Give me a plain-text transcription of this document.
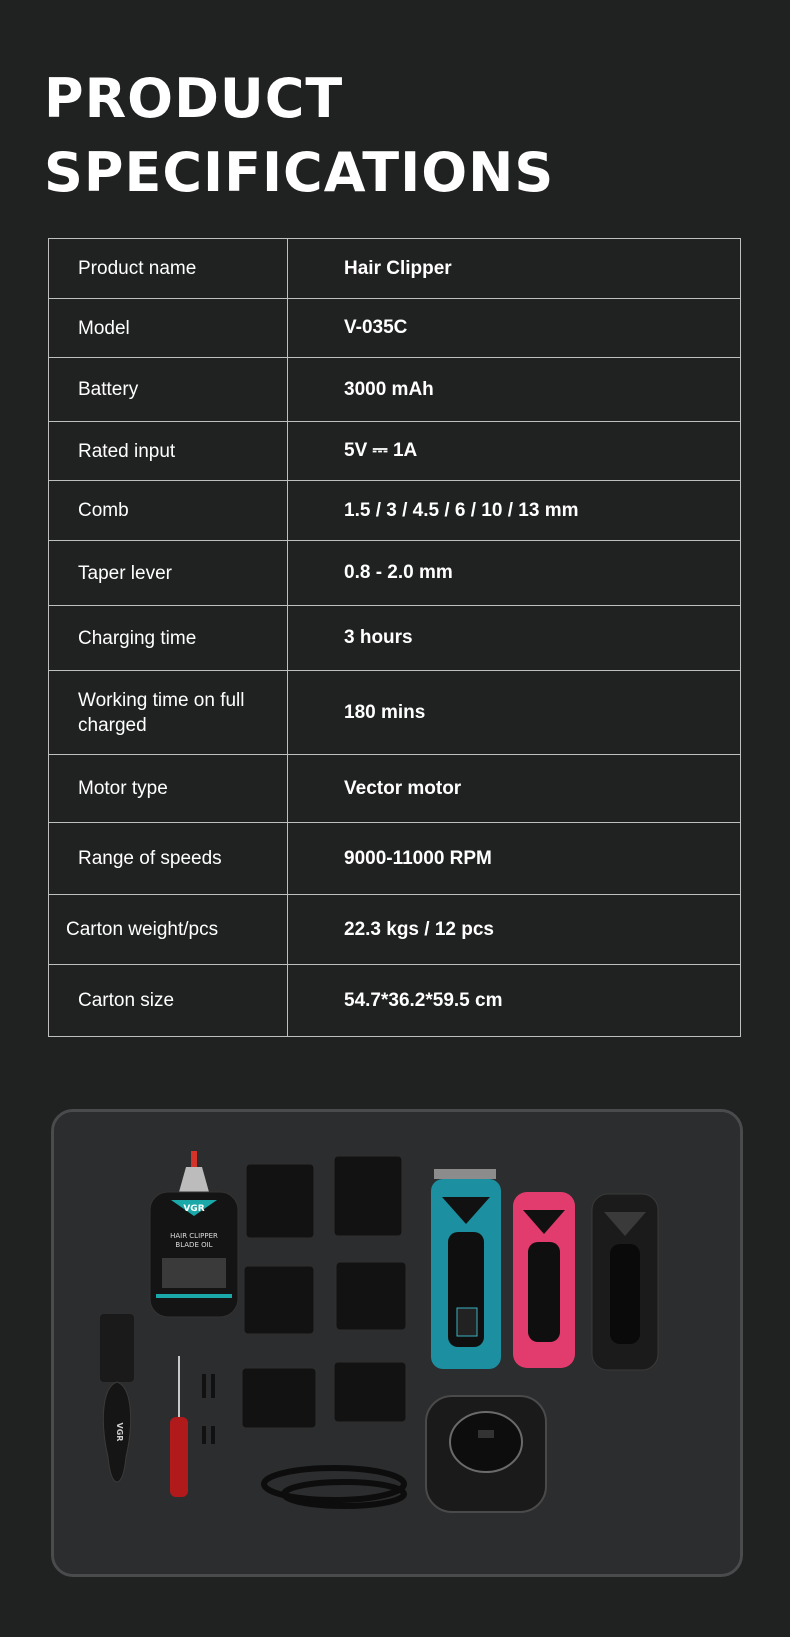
PRODUCT
SPECIFICATIONS
Product name	Hair Clipper
Model	V-035C
Battery	3000 mAh
Rated input	5V ⎓ 1A
Comb	1.5 / 3 / 4.5 / 6 / 10 / 13 mm
Taper lever	0.8 - 2.0 mm
Charging time	3 hours
Working time on full charged	180 mins
Motor type	Vector motor
Range of speeds	9000-11000 RPM
Carton weight/pcs	22.3 kgs / 12 pcs
Carton size	54.7*36.2*59.5 cm
VGR
HAIR CLIPPER
BLADE OIL
VGR
